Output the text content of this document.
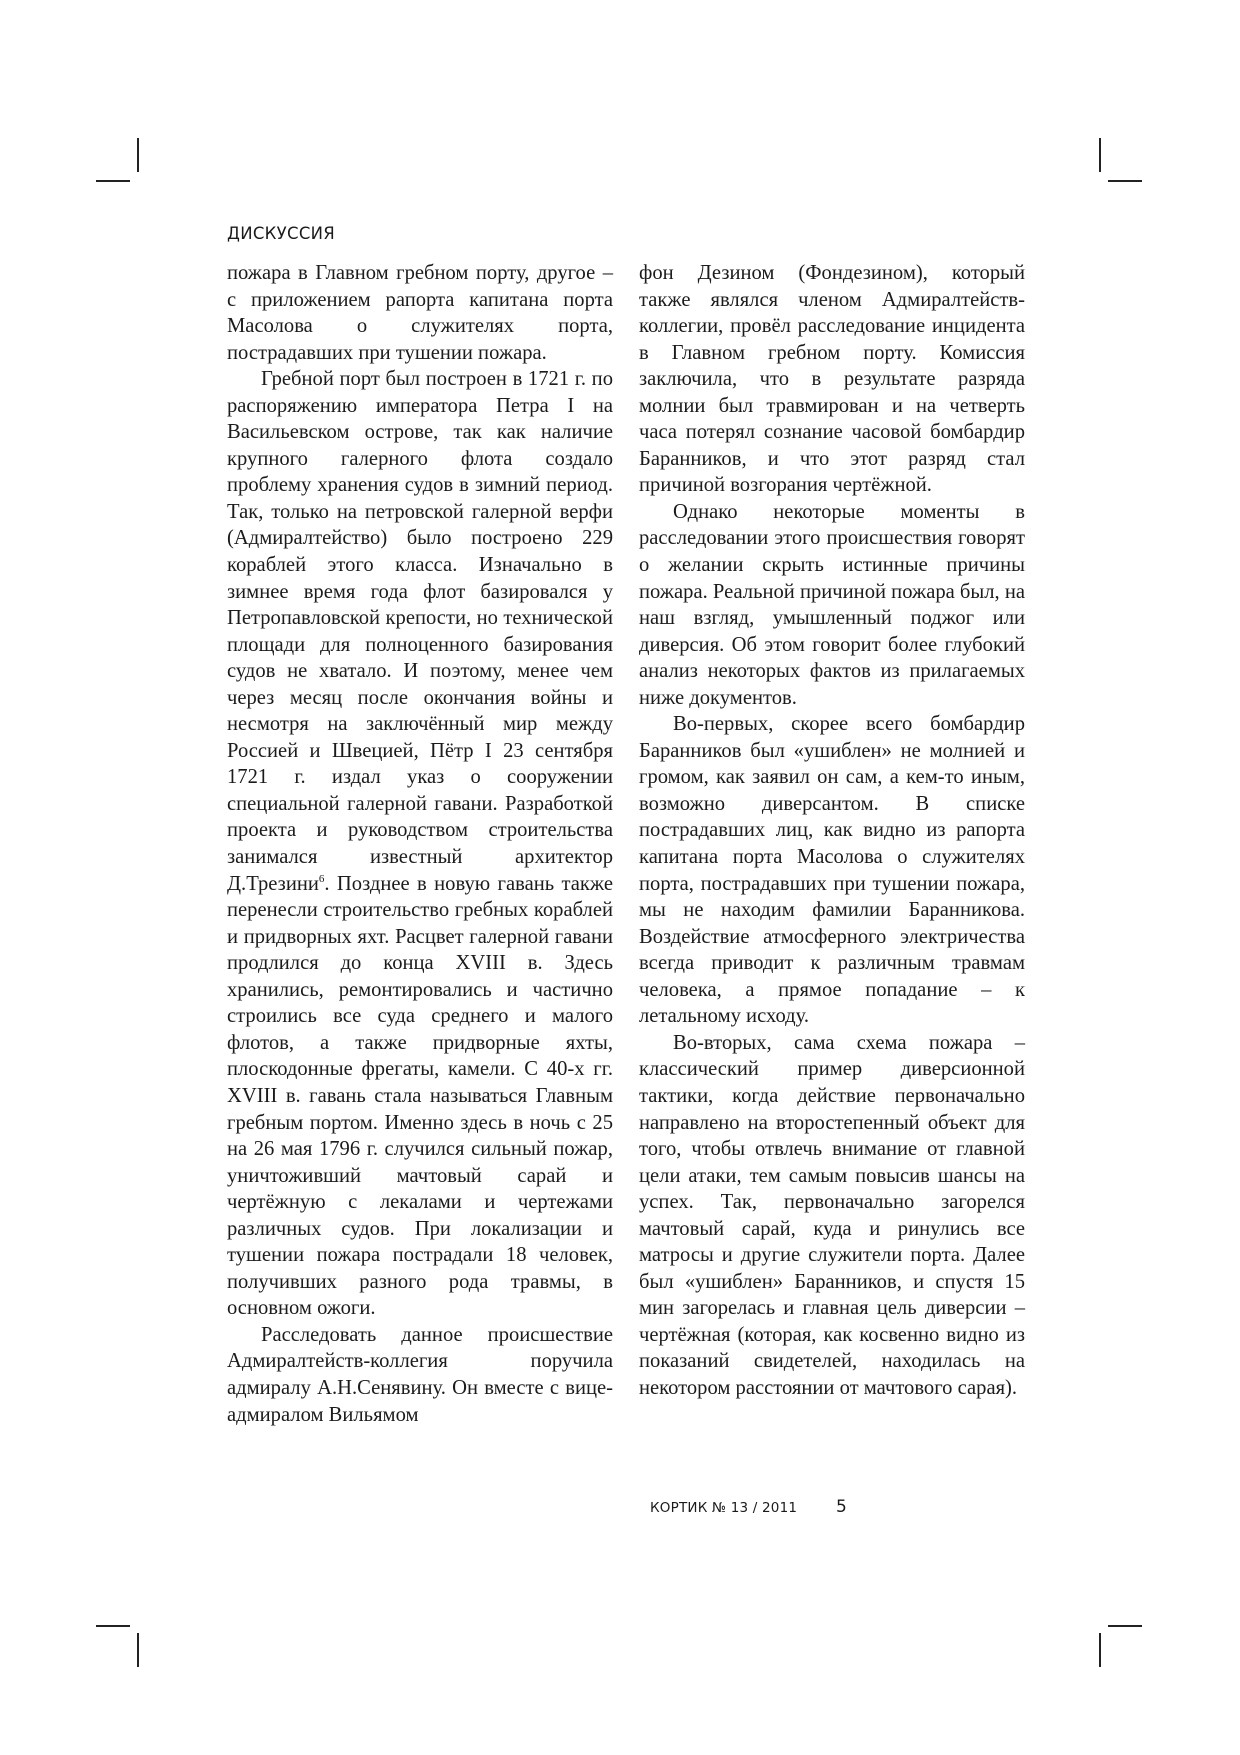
ДИСКУССИЯ

пожара в Главном гребном порту, другое – с приложением рапорта капитана порта Масолова о служителях порта, пострадавших при тушении пожара.

Гребной порт был построен в 1721 г. по распоряжению императора Петра I на Васильевском острове, так как наличие крупного галерного флота создало проблему хранения судов в зимний период. Так, только на петровской галерной верфи (Адмиралтейство) было построено 229 кораблей этого класса. Изначально в зимнее время года флот базировался у Петропавловской крепости, но технической площади для полноценного базирования судов не хватало. И поэтому, менее чем через месяц после окончания войны и несмотря на заключённый мир между Россией и Швецией, Пётр I 23 сентября 1721 г. издал указ о сооружении специальной галерной гавани. Разработкой проекта и руководством строительства занимался известный архитектор Д.Трезини$^6$. Позднее в новую гавань также перенесли строительство гребных кораблей и придворных яхт. Расцвет галерной гавани продлился до конца XVIII в. Здесь хранились, ремонтировались и частично строились все суда среднего и малого флотов, а также придворные яхты, плоскодонные фрегаты, камели. С 40-х гг. XVIII в. гавань стала называться Главным гребным портом. Именно здесь в ночь с 25 на 26 мая 1796 г. случился сильный пожар, уничтоживший мачтовый сарай и чертёжную с лекалами и чертежами различных судов. При локализации и тушении пожара пострадали 18 человек, получивших разного рода травмы, в основном ожоги.

Расследовать данное происшествие Адмиралтейств-коллегия поручила адмиралу А.Н.Сенявину. Он вместе с вице-адмиралом Вильямом

фон Дезином (Фондезином), который также являлся членом Адмиралтейств-коллегии, провёл расследование инцидента в Главном гребном порту. Комиссия заключила, что в результате разряда молнии был травмирован и на четверть часа потерял сознание часовой бомбардир Баранников, и что этот разряд стал причиной возгорания чертёжной.

Однако некоторые моменты в расследовании этого происшествия говорят о желании скрыть истинные причины пожара. Реальной причиной пожара был, на наш взгляд, умышленный поджог или диверсия. Об этом говорит более глубокий анализ некоторых фактов из прилагаемых ниже документов.

Во-первых, скорее всего бомбардир Баранников был «ушиблен» не молнией и громом, как заявил он сам, а кем-то иным, возможно диверсантом. В списке пострадавших лиц, как видно из рапорта капитана порта Масолова о служителях порта, пострадавших при тушении пожара, мы не находим фамилии Баранникова. Воздействие атмосферного электричества всегда приводит к различным травмам человека, а прямое попадание – к летальному исходу.

Во-вторых, сама схема пожара – классический пример диверсионной тактики, когда действие первоначально направлено на второстепенный объект для того, чтобы отвлечь внимание от главной цели атаки, тем самым повысив шансы на успех. Так, первоначально загорелся мачтовый сарай, куда и ринулись все матросы и другие служители порта. Далее был «ушиблен» Баранников, и спустя 15 мин загорелась и главная цель диверсии – чертёжная (которая, как косвенно видно из показаний свидетелей, находилась на некотором расстоянии от мачтового сарая).

КОРТИК № 13 / 2011 5
